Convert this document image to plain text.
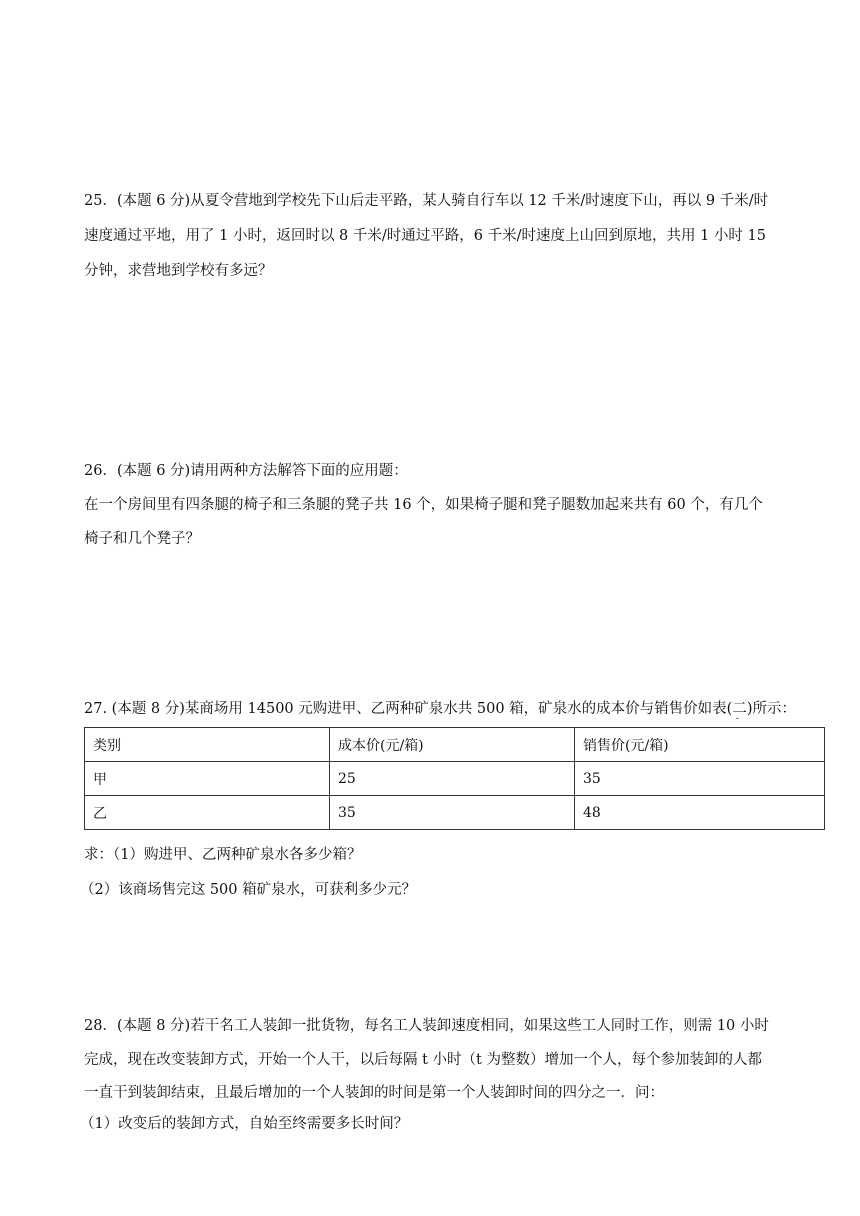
25．(本题 6 分)从夏令营地到学校先下山后走平路，某人骑自行车以 12 千米/时速度下山，再以 9 千米/时
速度通过平地，用了 1 小时，返回时以 8 千米/时通过平路，6 千米/时速度上山回到原地，共用 1 小时 15
分钟，求营地到学校有多远？
26．(本题 6 分)请用两种方法解答下面的应用题：
在一个房间里有四条腿的椅子和三条腿的凳子共 16 个，如果椅子腿和凳子腿数加起来共有 60 个，有几个
椅子和几个凳子？
27. (本题 8 分)某商场用 14500 元购进甲、乙两种矿泉水共 500 箱，矿泉水的成本价与销售价如表(二)所示：
类别	成本价(元/箱)	销售价(元/箱)
甲	25	35
乙	35	48
求：（1）购进甲、乙两种矿泉水各多少箱？
（2）该商场售完这 500 箱矿泉水，可获利多少元？
28．(本题 8 分)若干名工人装卸一批货物，每名工人装卸速度相同，如果这些工人同时工作，则需 10 小时
完成，现在改变装卸方式，开始一个人干，以后每隔 t 小时（t 为整数）增加一个人，每个参加装卸的人都
一直干到装卸结束，且最后增加的一个人装卸的时间是第一个人装卸时间的四分之一．问：
（1）改变后的装卸方式，自始至终需要多长时间？
